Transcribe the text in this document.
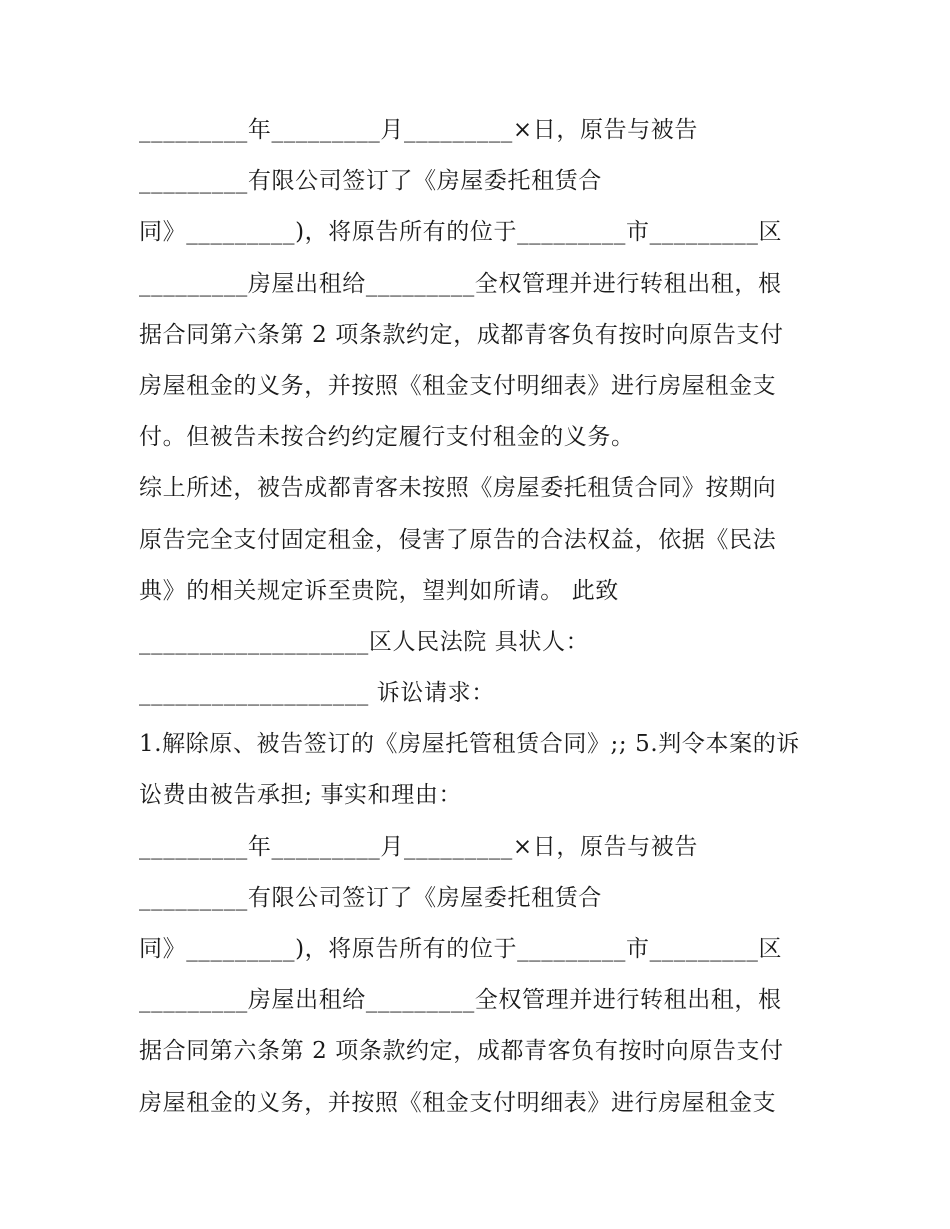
_________年_________月_________×日，原告与被告
_________有限公司签订了《房屋委托租赁合
同》_________)，将原告所有的位于_________市_________区
_________房屋出租给_________全权管理并进行转租出租，根
据合同第六条第 2 项条款约定，成都青客负有按时向原告支付
房屋租金的义务，并按照《租金支付明细表》进行房屋租金支
付。但被告未按合约约定履行支付租金的义务。
综上所述，被告成都青客未按照《房屋委托租赁合同》按期向
原告完全支付固定租金，侵害了原告的合法权益，依据《民法
典》的相关规定诉至贵院，望判如所请。 此致
___________________区人民法院 具状人：
___________________ 诉讼请求：
1.解除原、被告签订的《房屋托管租赁合同》;; 5.判令本案的诉
讼费由被告承担; 事实和理由：
_________年_________月_________×日，原告与被告
_________有限公司签订了《房屋委托租赁合
同》_________)，将原告所有的位于_________市_________区
_________房屋出租给_________全权管理并进行转租出租，根
据合同第六条第 2 项条款约定，成都青客负有按时向原告支付
房屋租金的义务，并按照《租金支付明细表》进行房屋租金支
